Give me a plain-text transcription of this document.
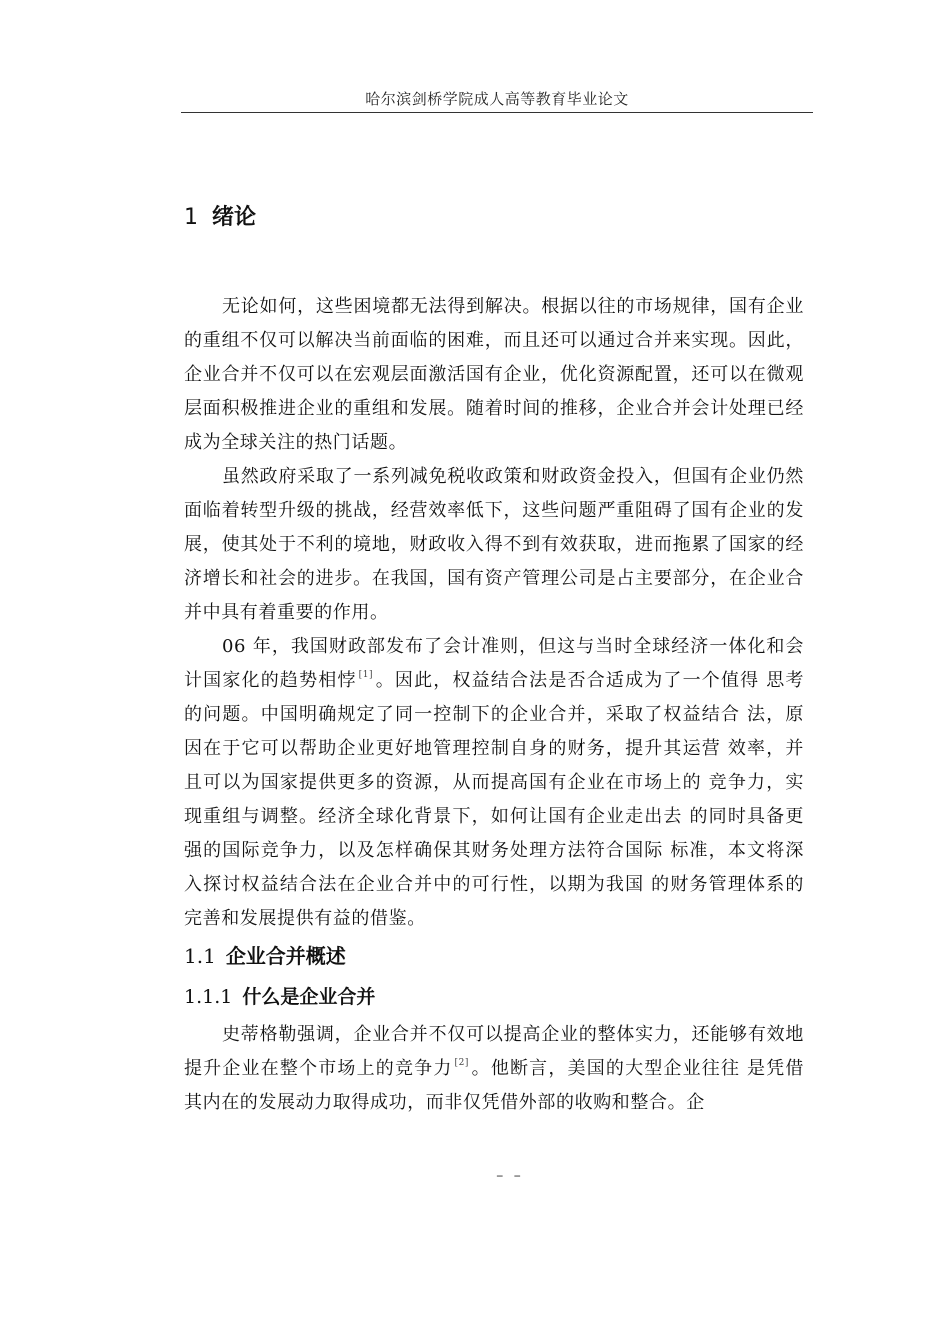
哈尔滨剑桥学院成人高等教育毕业论文
1 绪论

无论如何，这些困境都无法得到解决。根据以往的市场规律，国有企业的重组不仅可以解决当前面临的困难，而且还可以通过合并来实现。因此，企业合并不仅可以在宏观层面激活国有企业，优化资源配置，还可以在微观层面积极推进企业的重组和发展。随着时间的推移，企业合并会计处理已经成为全球关注的热门话题。

虽然政府采取了一系列减免税收政策和财政资金投入，但国有企业仍然面临着转型升级的挑战，经营效率低下，这些问题严重阻碍了国有企业的发展，使其处于不利的境地，财政收入得不到有效获取，进而拖累了国家的经济增长和社会的进步。在我国，国有资产管理公司是占主要部分，在企业合并中具有着重要的作用。

06 年，我国财政部发布了会计准则，但这与当时全球经济一体化和会计国家化的趋势相悖 [1] 。因此，权益结合法是否合适成为了一个值得 思考的问题。中国明确规定了同一控制下的企业合并，采取了权益结合 法，原因在于它可以帮助企业更好地管理控制自身的财务，提升其运营 效率，并且可以为国家提供更多的资源，从而提高国有企业在市场上的 竞争力，实现重组与调整。经济全球化背景下，如何让国有企业走出去 的同时具备更强的国际竞争力，以及怎样确保其财务处理方法符合国际 标准，本文将深入探讨权益结合法在企业合并中的可行性，以期为我国 的财务管理体系的完善和发展提供有益的借鉴。

1.1 企业合并概述
1.1.1 什么是企业合并

史蒂格勒强调，企业合并不仅可以提高企业的整体实力，还能够有效地提升企业在整个市场上的竞争力 [2] 。他断言，美国的大型企业往往 是凭借其内在的发展动力取得成功，而非仅凭借外部的收购和整合。企

– –
